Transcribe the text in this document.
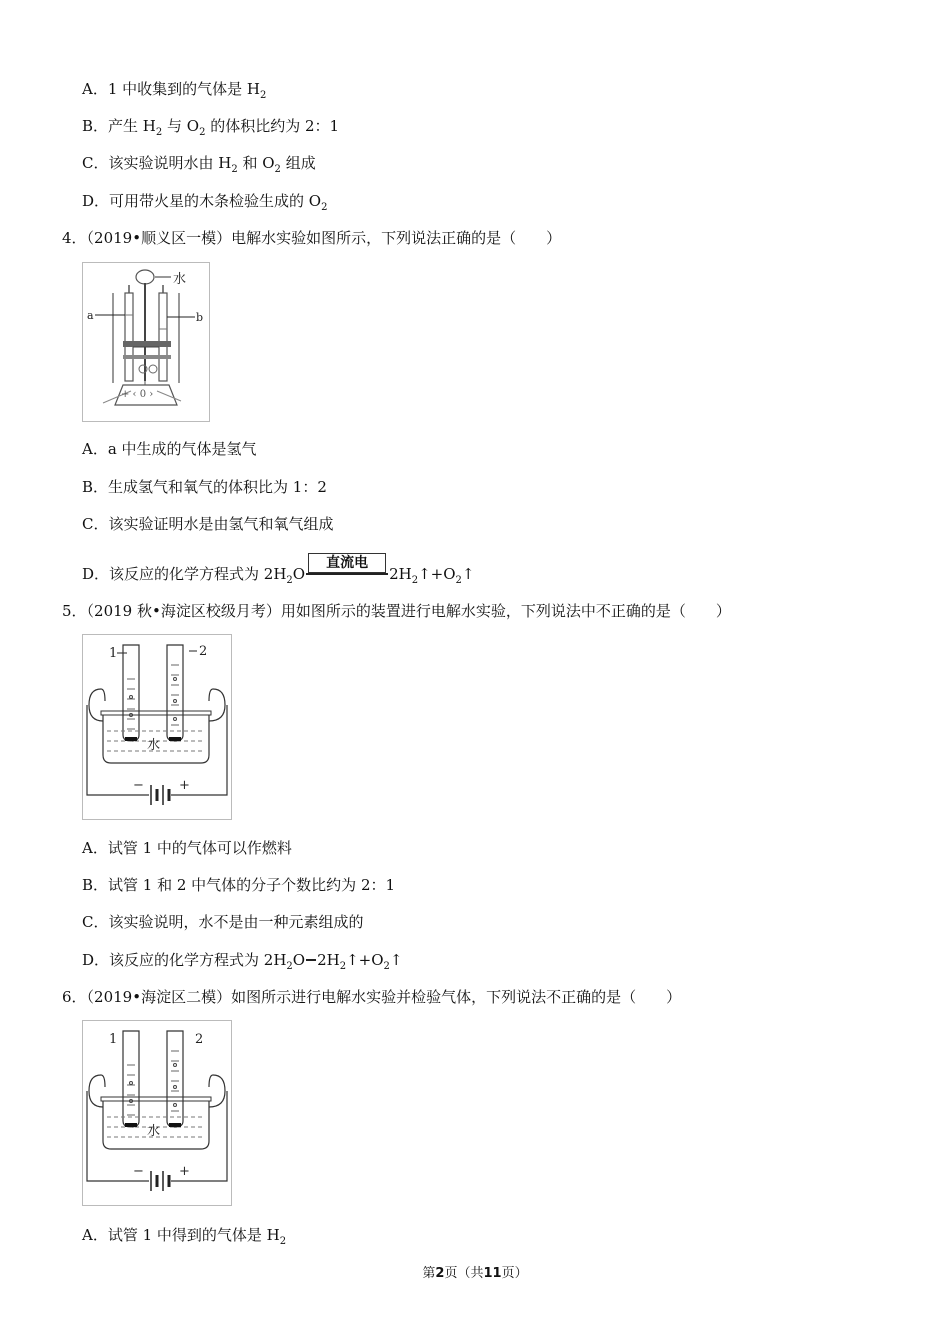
A．1 中收集到的气体是 $H_2$
B．产生 $H_2$ 与 $O_2$ 的体积比约为 2：1
C．该实验说明水由 $H_2$ 和 $O_2$ 组成
D．可用带火星的木条检验生成的 $O_2$
4．（2019•顺义区一模）电解水实验如图所示，下列说法正确的是（　　）
水
a	b
+ ‹ 0 ›
A．a 中生成的气体是氢气
B．生成氢气和氧气的体积比为 1：2
C．该实验证明水是由氢气和氧气组成
D．该反应的化学方程式为 $2H_2O$
直流电
$2H_2↑+O_2↑$
5．（2019 秋•海淀区校级月考）用如图所示的装置进行电解水实验，下列说法中不正确的是（　　）
1	2
水
−	+
A．试管 1 中的气体可以作燃料
B．试管 1 和 2 中气体的分子个数比约为 2：1
C．该实验说明，水不是由一种元素组成的
D．该反应的化学方程式为 $2H_2O$ $2H_2↑+O_2↑$
6．（2019•海淀区二模）如图所示进行电解水实验并检验气体，下列说法不正确的是（　　）
1	2
水
−	+
A．试管 1 中得到的气体是 $H_2$
第2页（共11页）
